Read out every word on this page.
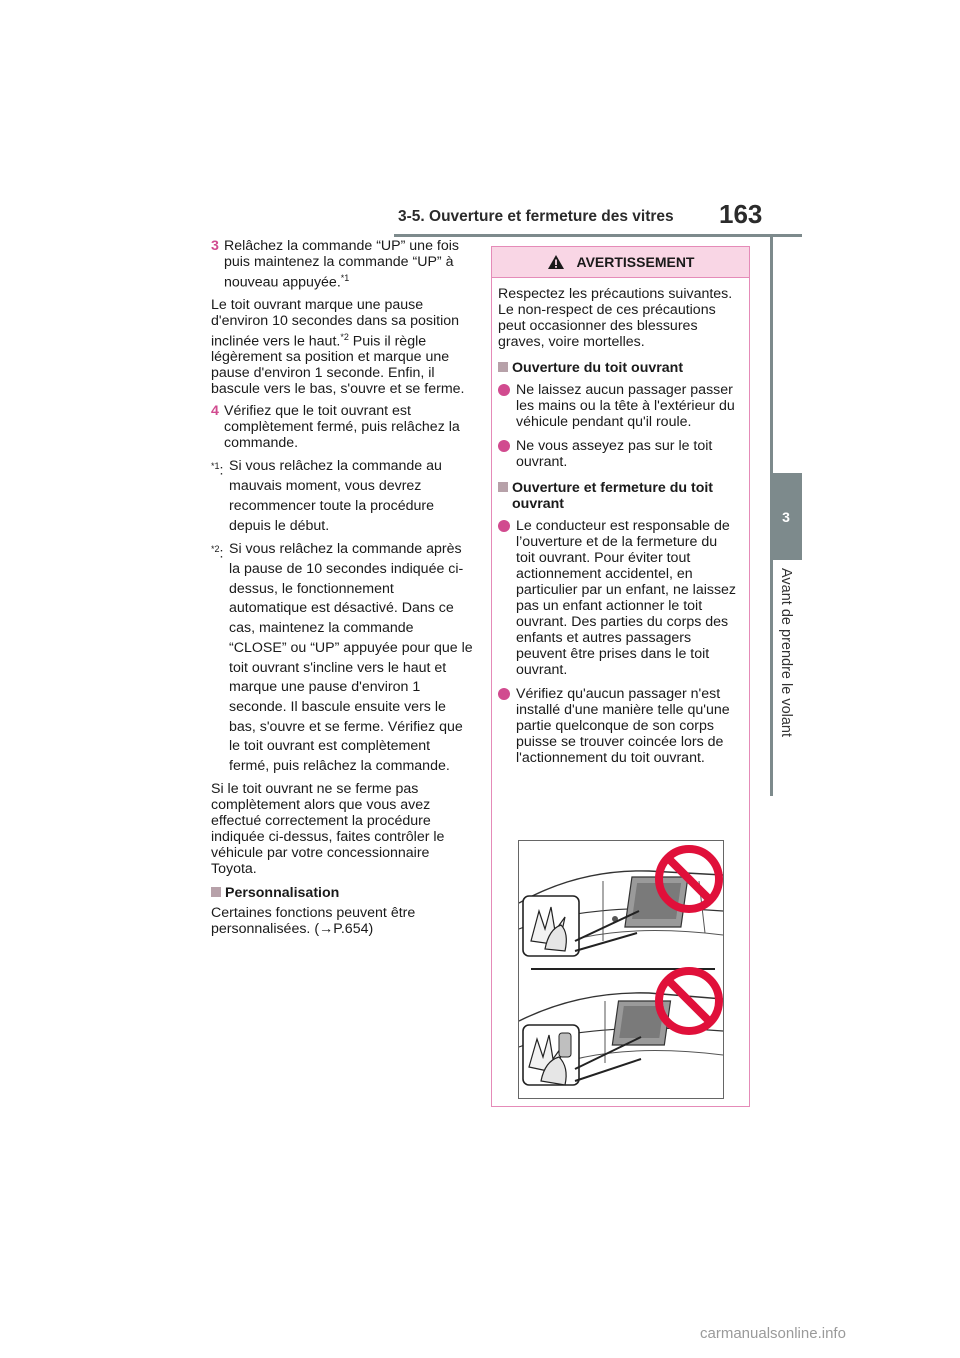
3-5. Ouverture et fermeture des vitres 163
3
Avant de prendre le volant
3 Relâchez la commande “UP” une fois puis maintenez la commande “UP” à nouveau appuyée.$^{*1}$

Le toit ouvrant marque une pause d'environ 10 secondes dans sa position inclinée vers le haut.$^{*2}$ Puis il règle légèrement sa position et marque une pause d'environ 1 seconde. Enfin, il bascule vers le bas, s'ouvre et se ferme.

4 Vérifiez que le toit ouvrant est complètement fermé, puis relâchez la commande.
$^{*1}$: Si vous relâchez la commande au mauvais moment, vous devrez recommencer toute la procédure depuis le début.
$^{*2}$: Si vous relâchez la commande après la pause de 10 secondes indiquée ci-dessus, le fonctionnement automatique est désactivé. Dans ce cas, maintenez la commande “CLOSE” ou “UP” appuyée pour que le toit ouvrant s'incline vers le haut et marque une pause d'environ 1 seconde. Il bascule ensuite vers le bas, s'ouvre et se ferme. Vérifiez que le toit ouvrant est complètement fermé, puis relâchez la commande.

Si le toit ouvrant ne se ferme pas complètement alors que vous avez effectué correctement la procédure indiquée ci-dessus, faites contrôler le véhicule par votre concessionnaire Toyota.

Personnalisation

Certaines fonctions peuvent être personnalisées. (→P.654)

AVERTISSEMENT

Respectez les précautions suivantes. Le non-respect de ces précautions peut occasionner des blessures graves, voire mortelles.

Ouverture du toit ouvrant
Ne laissez aucun passager passer les mains ou la tête à l'extérieur du véhicule pendant qu'il roule.
Ne vous asseyez pas sur le toit ouvrant.
Ouverture et fermeture du toit ouvrant
Le conducteur est responsable de l’ouverture et de la fermeture du toit ouvrant. Pour éviter tout actionnement accidentel, en particulier par un enfant, ne laissez pas un enfant actionner le toit ouvrant. Des parties du corps des enfants et autres passagers peuvent être prises dans le toit ouvrant.
Vérifiez qu'aucun passager n'est installé d'une manière telle qu'une partie quelconque de son corps puisse se trouver coincée lors de l'actionnement du toit ouvrant.
carmanualsonline.info
